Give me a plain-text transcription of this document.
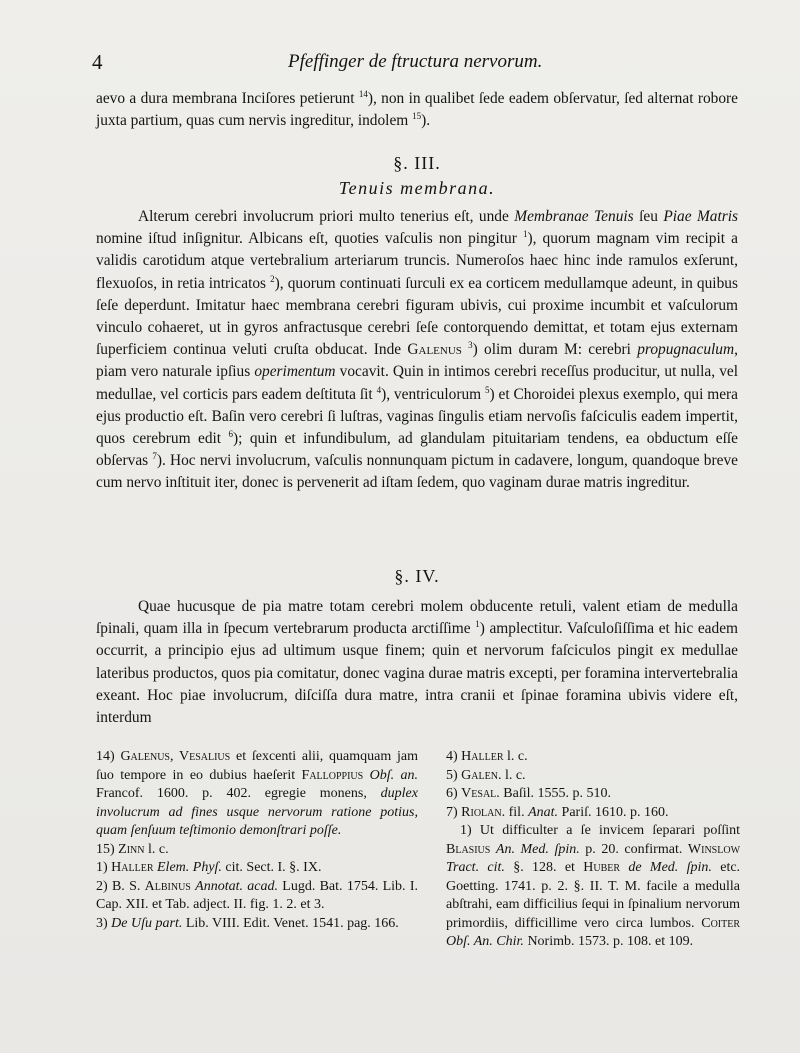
4	Pfeffinger de ftructura nervorum.

aevo a dura membrana Inciſores petierunt $^{14}$), non in qualibet ſede eadem obſervatur, ſed alternat robore juxta partium, quas cum nervis ingreditur, indolem $^{15}$).

§. III.
Tenuis membrana.

Alterum cerebri involucrum priori multo tenerius eſt, unde Membranae Tenuis ſeu Piae Matris nomine iſtud inſignitur. Albicans eſt, quoties vaſculis non pingitur $^1$), quorum magnam vim recipit a validis carotidum atque vertebralium arteriarum truncis. Numeroſos haec hinc inde ramulos exſerunt, flexuoſos, in retia intricatos $^2$), quorum continuati ſurculi ex ea corticem medullamque adeunt, in quibus ſeſe deperdunt. Imitatur haec membrana cerebri figuram ubivis, cui proxime incumbit et vaſculorum vinculo cohaeret, ut in gyros anfractusque cerebri ſeſe contorquendo demittat, et totam ejus externam ſuperficiem continua veluti cruſta obducat. Inde Galenus $^3$) olim duram M: cerebri propugnaculum, piam vero naturale ipſius operimentum vocavit. Quin in intimos cerebri receſſus producitur, ut nulla, vel medullae, vel corticis pars eadem deſtituta ſit $^4$), ventriculorum $^5$) et Choroidei plexus exemplo, qui mera ejus productio eſt. Baſin vero cerebri ſi luſtras, vaginas ſingulis etiam nervoſis faſciculis eadem impertit, quos cerebrum edit $^6$); quin et infundibulum, ad glandulam pituitariam tendens, ea obductum eſſe obſervas $^7$). Hoc nervi involucrum, vaſculis nonnunquam pictum in cadavere, longum, quandoque breve cum nervo inſtituit iter, donec is pervenerit ad iſtam ſedem, quo vaginam durae matris ingreditur.

§. IV.

Quae hucusque de pia matre totam cerebri molem obducente retuli, valent etiam de medulla ſpinali, quam illa in ſpecum vertebrarum producta arctiſſime $^1$) amplectitur. Vaſculoſiſſima et hic eadem occurrit, a principio ejus ad ultimum usque finem; quin et nervorum faſciculos pingit ex medullae lateribus productos, quos pia comitatur, donec vagina durae matris excepti, per foramina intervertebralia exeant. Hoc piae involucrum, diſciſſa dura matre, intra cranii et ſpinae foramina ubivis videre eſt, interdum

14) Galenus, Vesalius et ſexcenti alii, quamquam jam ſuo tempore in eo dubius haeſerit Falloppius Obſ. an. Francof. 1600. p. 402. egregie monens, duplex involucrum ad fines usque nervorum ratione potius, quam ſenſuum teſtimonio demonſtrari poſſe.

15) Zinn l. c.

1) Haller Elem. Phyſ. cit. Sect. I. §. IX.

2) B. S. Albinus Annotat. acad. Lugd. Bat. 1754. Lib. I. Cap. XII. et Tab. adject. II. fig. 1. 2. et 3.

3) De Uſu part. Lib. VIII. Edit. Venet. 1541. pag. 166.

4) Haller l. c.

5) Galen. l. c.

6) Vesal. Baſil. 1555. p. 510.

7) Riolan. fil. Anat. Pariſ. 1610. p. 160.

1) Ut difficulter a ſe invicem ſeparari poſſint Blasius An. Med. ſpin. p. 20. confirmat. Winslow Tract. cit. §. 128. et Huber de Med. ſpin. etc. Goetting. 1741. p. 2. §. II. T. M. facile a medulla abſtrahi, eam difficilius ſequi in ſpinalium nervorum primordiis, difficillime vero circa lumbos. Coiter Obſ. An. Chir. Norimb. 1573. p. 108. et 109.
